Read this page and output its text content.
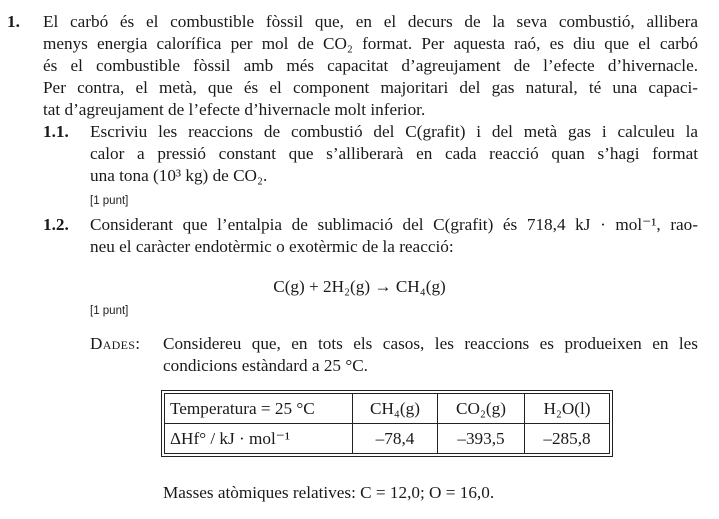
1. El carbó és el combustible fòssil que, en el decurs de la seva combustió, allibera
menys energia calorífica per mol de CO₂ format. Per aquesta raó, es diu que el carbó
és el combustible fòssil amb més capacitat d’agreujament de l’efecte d’hivernacle.
Per contra, el metà, que és el component majoritari del gas natural, té una capaci-
tat d’agreujament de l’efecte d’hivernacle molt inferior.
1.1. Escriviu les reaccions de combustió del C(grafit) i del metà gas i calculeu la
calor a pressió constant que s’alliberarà en cada reacció quan s’hagi format
una tona (10³ kg) de CO₂.
[1 punt]
1.2. Considerant que l’entalpia de sublimació del C(grafit) és 718,4 kJ · mol⁻¹, rao-
neu el caràcter endotèrmic o exotèrmic de la reacció:
C(g) + 2H₂(g) → CH₄(g)
[1 punt]
Dades: Considereu que, en tots els casos, les reaccions es produeixen en les
condicions estàndard a 25 °C.
Temperatura = 25 °C	CH₄(g)	CO₂(g)	H₂O(l)
ΔHf° / kJ · mol⁻¹	–78,4	–393,5	–285,8
Masses atòmiques relatives: C = 12,0; O = 16,0.
